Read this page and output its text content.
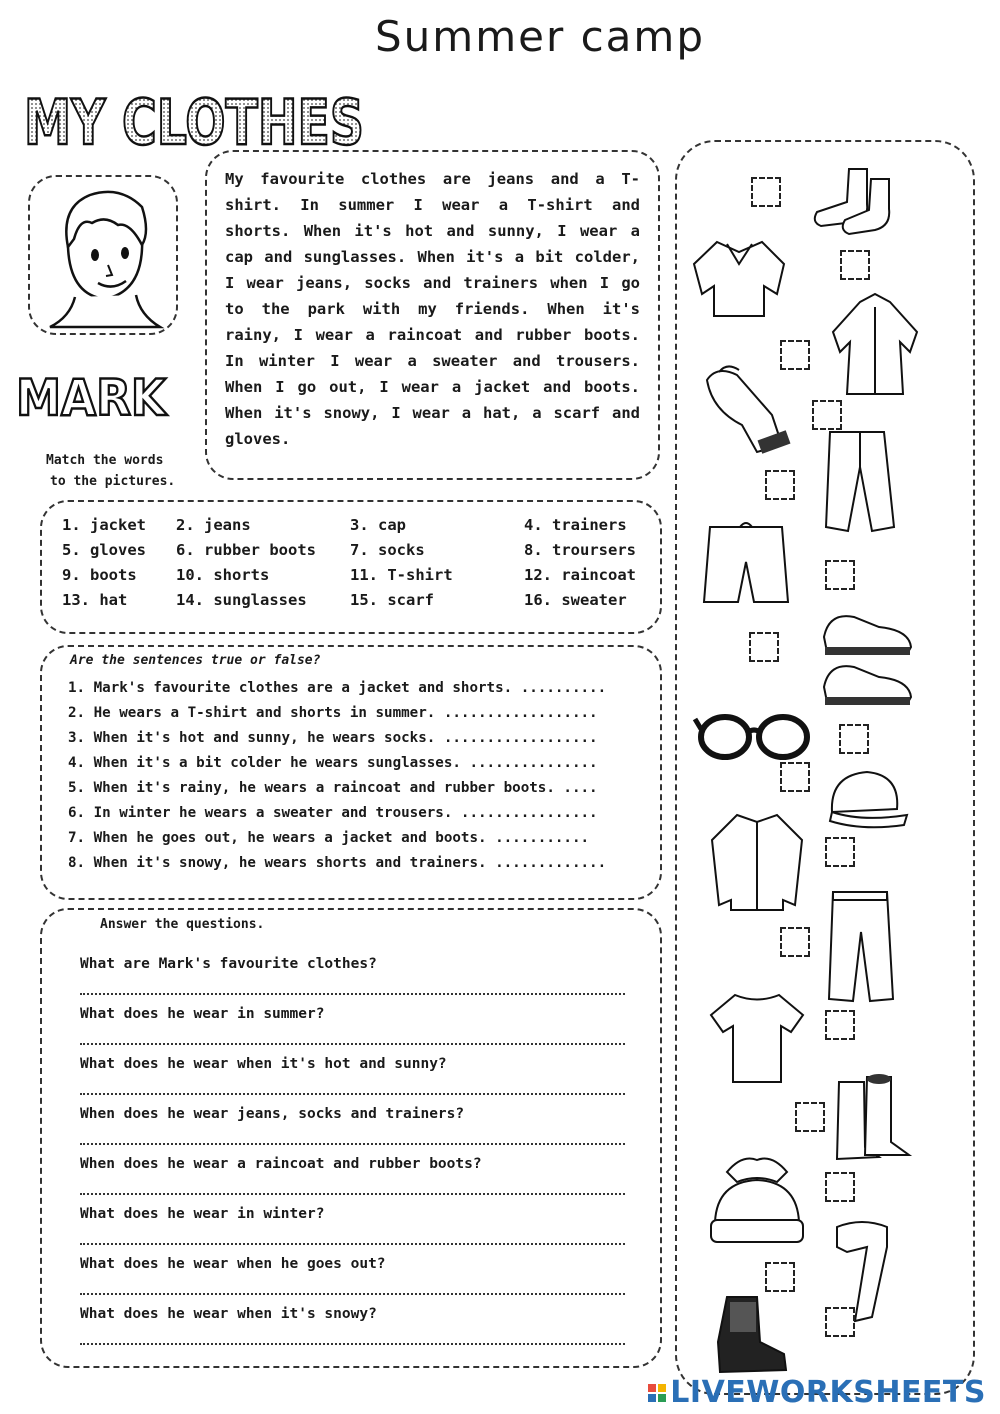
Summer camp
MY CLOTHES
My favourite clothes are jeans and a T-shirt. In summer I wear a T-shirt and shorts. When it's hot and sunny, I wear a cap and sunglasses. When it's a bit colder, I wear jeans, socks and trainers when I go to the park with my friends. When it's rainy, I wear a raincoat and rubber boots. In winter I wear a sweater and trousers. When I go out, I wear a jacket and boots. When it's snowy, I wear a hat, a scarf and gloves.
MARK
Match the words
to the pictures.
1. jacket 2. jeans	3. cap	4. trainers
5. gloves 6. rubber boots 7. socks	8. troursers
9. boots	10. shorts	11. T-shirt	12. raincoat
13. hat	14. sunglasses	15. scarf	16. sweater
Are the sentences true or false?
1. Mark's favourite clothes are a jacket and shorts. ..........
2. He wears a T-shirt and shorts in summer. ..................
3. When it's hot and sunny, he wears socks. ..................
4. When it's a bit colder he wears sunglasses. ...............
5. When it's rainy, he wears a raincoat and rubber boots. ....
6. In winter he wears a sweater and trousers. ................
7. When he goes out, he wears a jacket and boots. ...........
8. When it's snowy, he wears shorts and trainers. .............
Answer the questions.
What are Mark's favourite clothes?
What does he wear in summer?
What does he wear when it's hot and sunny?
When does he wear jeans, socks and trainers?
When does he wear a raincoat and rubber boots?
What does he wear in winter?
What does he wear when he goes out?
What does he wear when it's snowy?
LIVEWORKSHEETS
